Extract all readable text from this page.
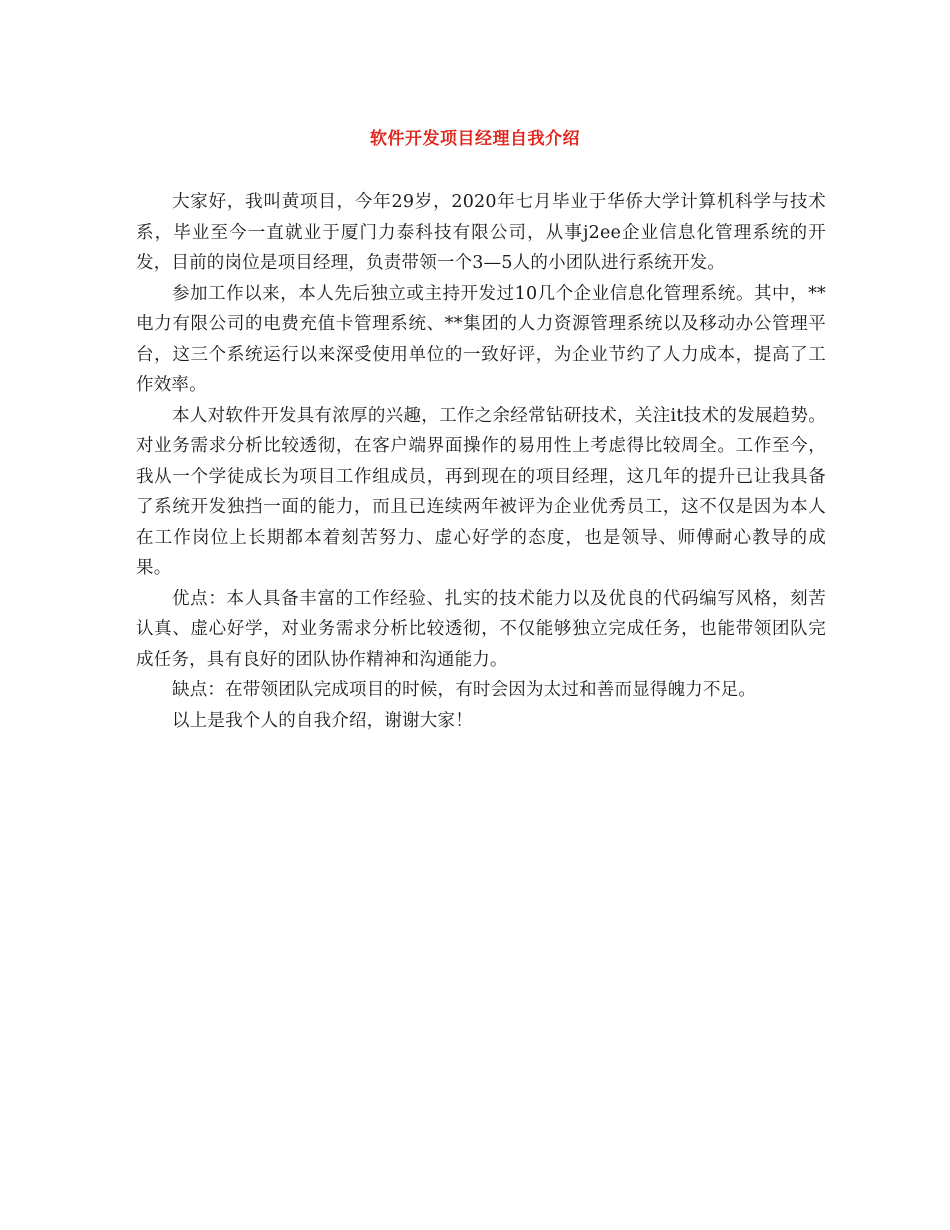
软件开发项目经理自我介绍

大家好，我叫黄项目，今年29岁，2020年七月毕业于华侨大学计算机科学与技术系，毕业至今一直就业于厦门力泰科技有限公司，从事j2ee企业信息化管理系统的开发，目前的岗位是项目经理，负责带领一个3—5人的小团队进行系统开发。

参加工作以来，本人先后独立或主持开发过10几个企业信息化管理系统。其中，**电力有限公司的电费充值卡管理系统、**集团的人力资源管理系统以及移动办公管理平台，这三个系统运行以来深受使用单位的一致好评，为企业节约了人力成本，提高了工作效率。

本人对软件开发具有浓厚的兴趣，工作之余经常钻研技术，关注it技术的发展趋势。对业务需求分析比较透彻，在客户端界面操作的易用性上考虑得比较周全。工作至今，我从一个学徒成长为项目工作组成员，再到现在的项目经理，这几年的提升已让我具备了系统开发独挡一面的能力，而且已连续两年被评为企业优秀员工，这不仅是因为本人在工作岗位上长期都本着刻苦努力、虚心好学的态度，也是领导、师傅耐心教导的成果。

优点：本人具备丰富的工作经验、扎实的技术能力以及优良的代码编写风格，刻苦认真、虚心好学，对业务需求分析比较透彻，不仅能够独立完成任务，也能带领团队完成任务，具有良好的团队协作精神和沟通能力。

缺点：在带领团队完成项目的时候，有时会因为太过和善而显得魄力不足。

以上是我个人的自我介绍，谢谢大家！
